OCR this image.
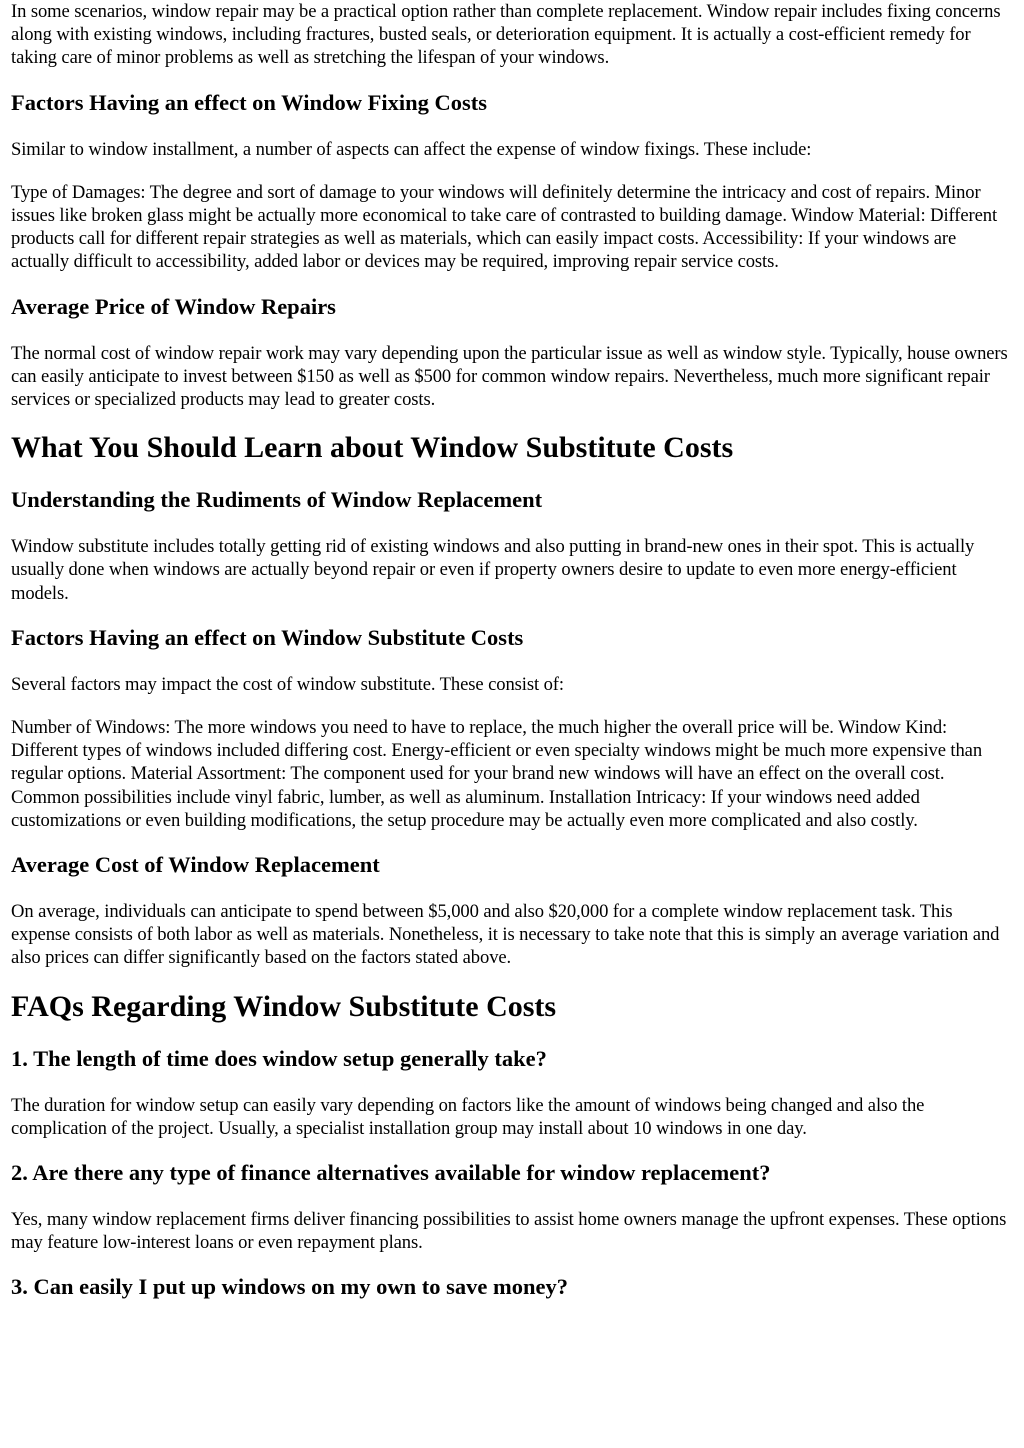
In some scenarios, window repair may be a practical option rather than complete replacement. Window repair includes fixing concerns along with existing windows, including fractures, busted seals, or deterioration equipment. It is actually a cost-efficient remedy for taking care of minor problems as well as stretching the lifespan of your windows.

Factors Having an effect on Window Fixing Costs

Similar to window installment, a number of aspects can affect the expense of window fixings. These include:

Type of Damages: The degree and sort of damage to your windows will definitely determine the intricacy and cost of repairs. Minor issues like broken glass might be actually more economical to take care of contrasted to building damage. Window Material: Different products call for different repair strategies as well as materials, which can easily impact costs. Accessibility: If your windows are actually difficult to accessibility, added labor or devices may be required, improving repair service costs.

Average Price of Window Repairs

The normal cost of window repair work may vary depending upon the particular issue as well as window style. Typically, house owners can easily anticipate to invest between $150 as well as $500 for common window repairs. Nevertheless, much more significant repair services or specialized products may lead to greater costs.

What You Should Learn about Window Substitute Costs
Understanding the Rudiments of Window Replacement

Window substitute includes totally getting rid of existing windows and also putting in brand-new ones in their spot. This is actually usually done when windows are actually beyond repair or even if property owners desire to update to even more energy-efficient models.

Factors Having an effect on Window Substitute Costs

Several factors may impact the cost of window substitute. These consist of:

Number of Windows: The more windows you need to have to replace, the much higher the overall price will be. Window Kind: Different types of windows included differing cost. Energy-efficient or even specialty windows might be much more expensive than regular options. Material Assortment: The component used for your brand new windows will have an effect on the overall cost. Common possibilities include vinyl fabric, lumber, as well as aluminum. Installation Intricacy: If your windows need added customizations or even building modifications, the setup procedure may be actually even more complicated and also costly.

Average Cost of Window Replacement

On average, individuals can anticipate to spend between $5,000 and also $20,000 for a complete window replacement task. This expense consists of both labor as well as materials. Nonetheless, it is necessary to take note that this is simply an average variation and also prices can differ significantly based on the factors stated above.

FAQs Regarding Window Substitute Costs
1. The length of time does window setup generally take?

The duration for window setup can easily vary depending on factors like the amount of windows being changed and also the complication of the project. Usually, a specialist installation group may install about 10 windows in one day.

2. Are there any type of finance alternatives available for window replacement?

Yes, many window replacement firms deliver financing possibilities to assist home owners manage the upfront expenses. These options may feature low-interest loans or even repayment plans.

3. Can easily I put up windows on my own to save money?
